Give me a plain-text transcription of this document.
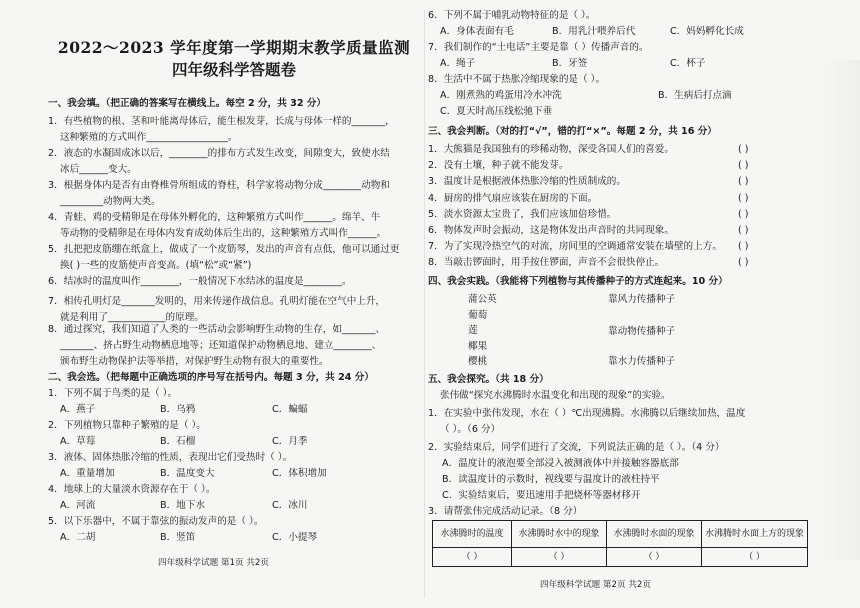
2022～2023 学年度第一学期期末教学质量监测
四年级科学答题卷
一、我会填。（把正确的答案写在横线上。每空 2 分，共 32 分）
1．有些植物的根、茎和叶能离母体后，能生根发芽，长成与母体一样的_______，
这种繁殖的方式叫作_________________。
2．液态的水凝固成冰以后，________的排布方式发生改变，间隙变大，致使水结
冰后______变大。
3．根据身体内是否有由脊椎骨所组成的脊柱，科学家将动物分成________动物和
_________动物两大类。
4．青蛙、鸡的受精卵是在母体外孵化的，这种繁殖方式叫作______。绵羊、牛
等动物的受精卵是在母体内发育成幼体后生出的，这种繁殖方式叫作______。
5．扎把把皮筋绷在纸盒上，做成了一个皮筋琴，发出的声音有点低，他可以通过更
换( )一些的皮筋使声音变高。(填“松”或“紧”)
6．结冰时的温度叫作________，一般情况下水结冰的温度是________。
7．相传孔明灯是_______发明的，用来传递作战信息。孔明灯能在空气中上升，
就是利用了____________的原理。
8．通过探究，我们知道了人类的一些活动会影响野生动物的生存，如_______、
_______、挤占野生动物栖息地等；还知道保护动物栖息地、建立________、
颁布野生动物保护法等举措，对保护野生动物有很大的重要性。
二、我会选。（把每题中正确选项的序号写在括号内。每题 3 分，共 24 分）
1．下列不属于鸟类的是（ ）。
A．燕子	B．乌鸦	C．蝙蝠
2．下列植物只靠种子繁殖的是（ ）。
A．草莓	B．石榴	C．月季
3．液体、固体热胀冷缩的性质，表现出它们受热时（ ）。
A．重量增加	B．温度变大	C．体积增加
4．地球上的大量淡水资源存在于（ ）。
A．河流	B．地下水	C．冰川
5．以下乐器中，不属于靠弦的振动发声的是（ ）。
A．二胡	B．竖笛	C．小提琴
四年级科学试题 第1页 共2页
6．下列不属于哺乳动物特征的是（ ）。
A．身体表面有毛	B．用乳汁喂养后代	C．妈妈孵化长成
7．我们制作的“土电话”主要是靠（ ）传播声音的。
A．绳子	B．牙签	C．杯子
8．生活中不属于热胀冷缩现象的是（ ）。
A．刚煮熟的鸡蛋用冷水冲洗	B．生病后打点滴
C．夏天时高压线松驰下垂
三、我会判断。（对的打“√”，错的打“×”。每题 2 分，共 16 分）
1．大熊猫是我国独有的珍稀动物，深受各国人们的喜爱。	( )
2．没有土壤，种子就不能发芽。	( )
3．温度计是根据液体热胀冷缩的性质制成的。	( )
4．厨房的排气扇应该装在厨房的下面。	( )
5．淡水资源太宝贵了，我们应该加倍珍惜。	( )
6．物体发声时会振动，这是物体发出声音时的共同现象。	( )
7．为了实现冷热空气的对流，房间里的空调通常安装在墙壁的上方。 ( )
8．当敲击锣面时，用手按住锣面，声音不会很快停止。	( )
四、我会实践。（我能将下列植物与其传播种子的方式连起来。10 分）
蒲公英
葡萄
莲
椰果
樱桃
靠风力传播种子
靠动物传播种子
靠水力传播种子
五、我会探究。（共 18 分）
张伟做“探究水沸腾时水温变化和出现的现象”的实验。
1．在实验中张伟发现，水在（ ）℃出现沸腾。水沸腾以后继续加热，温度
（ ）。（6 分）
2．实验结束后，同学们进行了交流，下列说法正确的是（ ）。（4 分）
A．温度计的液泡要全部浸入被测液体中并接触容器底部
B．读温度计的示数时，视线要与温度计的液柱持平
C．实验结束后，要迅速用手把烧杯等器材移开
3．请帮张伟完成活动记录。（8 分）
水沸腾时的温度	水沸腾时水中的现象	水沸腾时水面的现象	水沸腾时水面上方的现象
（ ）	（ ）	（ ）	（ ）
四年级科学试题 第2页 共2页
